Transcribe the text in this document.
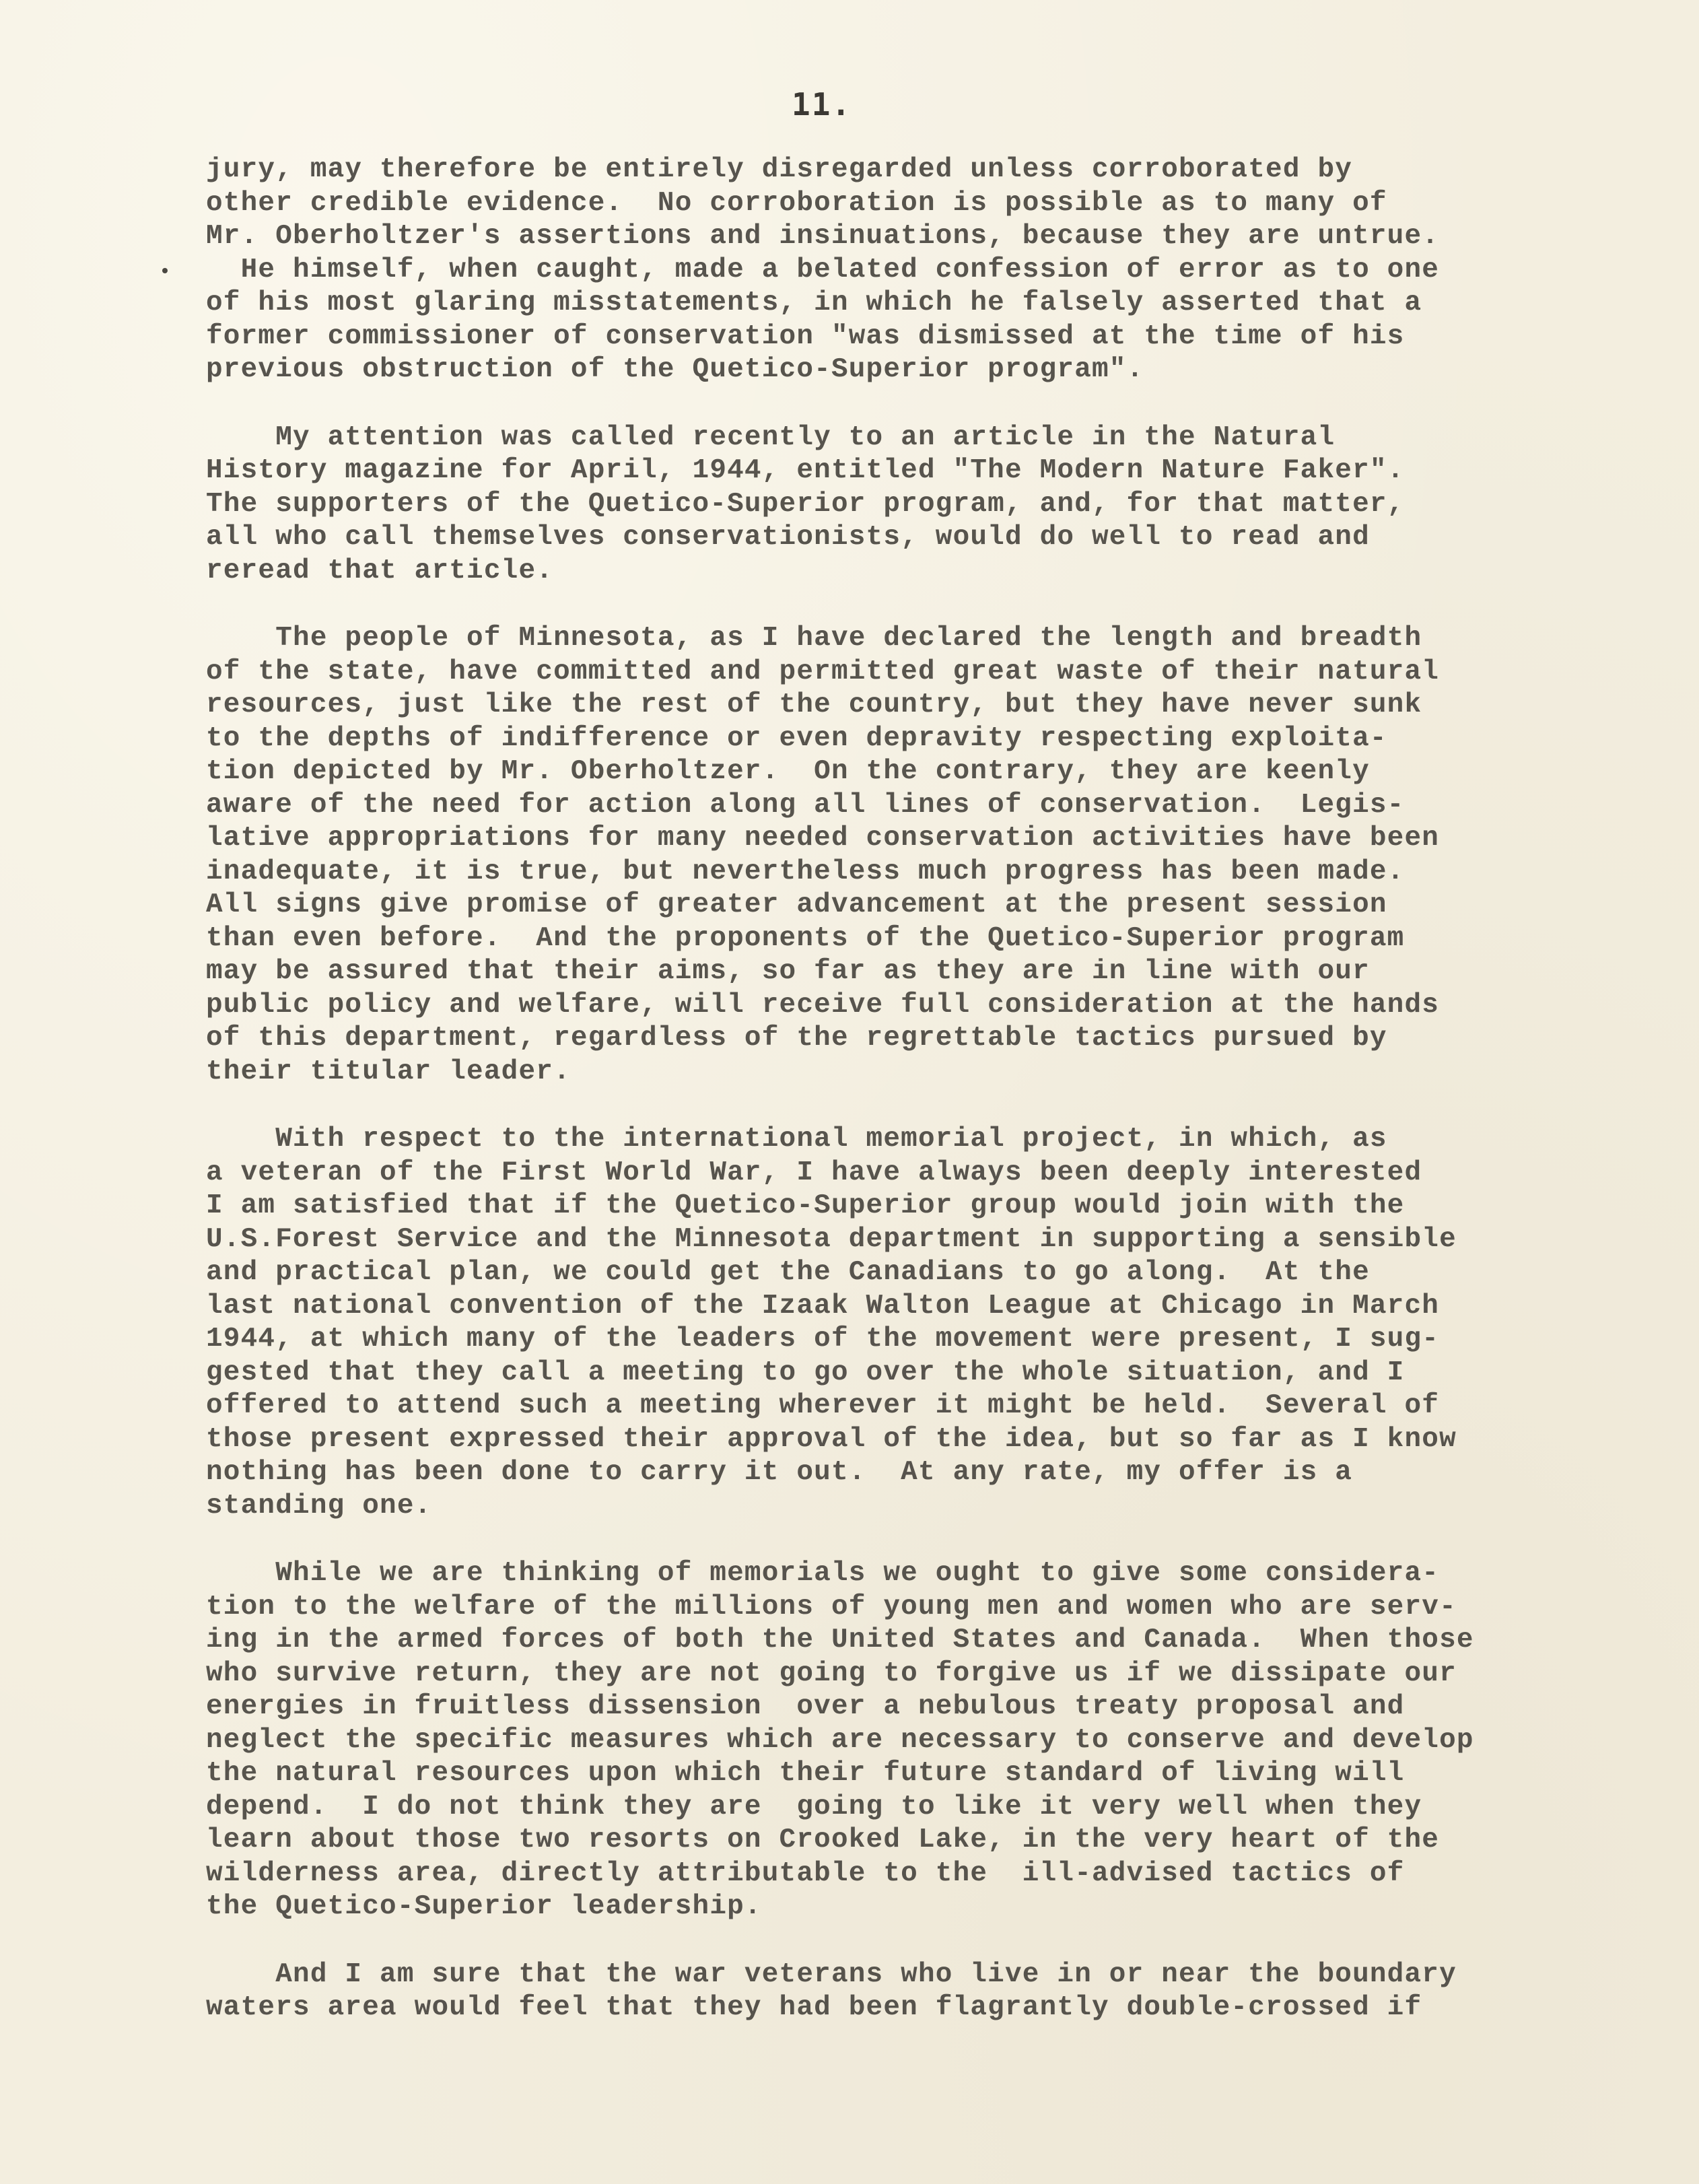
11.
jury, may therefore be entirely disregarded unless corroborated by
other credible evidence.  No corroboration is possible as to many of
Mr. Oberholtzer's assertions and insinuations, because they are untrue.
He himself, when caught, made a belated confession of error as to one
of his most glaring misstatements, in which he falsely asserted that a
former commissioner of conservation "was dismissed at the time of his
previous obstruction of the Quetico-Superior program".
My attention was called recently to an article in the Natural
History magazine for April, 1944, entitled "The Modern Nature Faker".
The supporters of the Quetico-Superior program, and, for that matter,
all who call themselves conservationists, would do well to read and
reread that article.
The people of Minnesota, as I have declared the length and breadth
of the state, have committed and permitted great waste of their natural
resources, just like the rest of the country, but they have never sunk
to the depths of indifference or even depravity respecting exploita-
tion depicted by Mr. Oberholtzer.  On the contrary, they are keenly
aware of the need for action along all lines of conservation.  Legis-
lative appropriations for many needed conservation activities have been
inadequate, it is true, but nevertheless much progress has been made.
All signs give promise of greater advancement at the present session
than even before.  And the proponents of the Quetico-Superior program
may be assured that their aims, so far as they are in line with our
public policy and welfare, will receive full consideration at the hands
of this department, regardless of the regrettable tactics pursued by
their titular leader.
With respect to the international memorial project, in which, as
a veteran of the First World War, I have always been deeply interested
I am satisfied that if the Quetico-Superior group would join with the
U.S.Forest Service and the Minnesota department in supporting a sensible
and practical plan, we could get the Canadians to go along.  At the
last national convention of the Izaak Walton League at Chicago in March
1944, at which many of the leaders of the movement were present, I sug-
gested that they call a meeting to go over the whole situation, and I
offered to attend such a meeting wherever it might be held.  Several of
those present expressed their approval of the idea, but so far as I know
nothing has been done to carry it out.  At any rate, my offer is a
standing one.
While we are thinking of memorials we ought to give some considera-
tion to the welfare of the millions of young men and women who are serv-
ing in the armed forces of both the United States and Canada.  When those
who survive return, they are not going to forgive us if we dissipate our
energies in fruitless dissension  over a nebulous treaty proposal and
neglect the specific measures which are necessary to conserve and develop
the natural resources upon which their future standard of living will
depend.  I do not think they are  going to like it very well when they
learn about those two resorts on Crooked Lake, in the very heart of the
wilderness area, directly attributable to the  ill-advised tactics of
the Quetico-Superior leadership.
And I am sure that the war veterans who live in or near the boundary
waters area would feel that they had been flagrantly double-crossed if
